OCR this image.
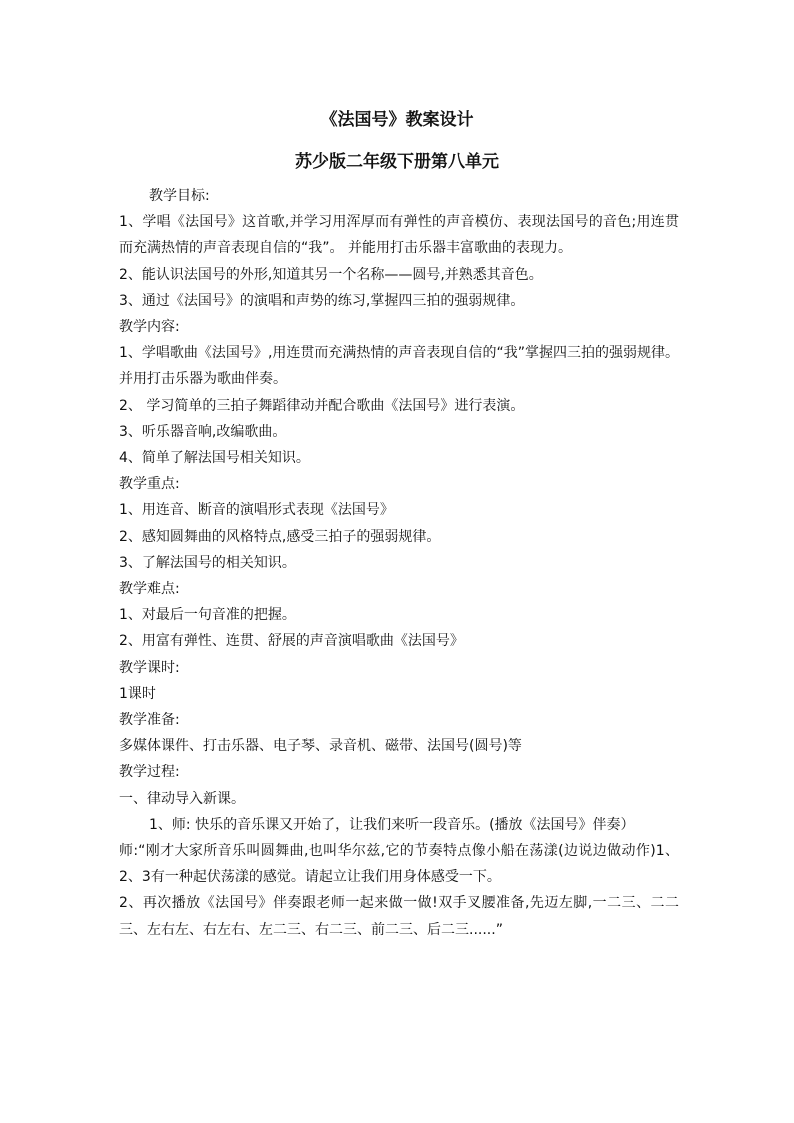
《法国号》教案设计
苏少版二年级下册第八单元

教学目标:

1、学唱《法国号》这首歌,并学习用浑厚而有弹性的声音模仿、表现法国号的音色;用连贯而充满热情的声音表现自信的“我”。 并能用打击乐器丰富歌曲的表现力。

2、能认识法国号的外形,知道其另一个名称——圆号,并熟悉其音色。

3、通过《法国号》的演唱和声势的练习,掌握四三拍的强弱规律。

教学内容:

1、学唱歌曲《法国号》,用连贯而充满热情的声音表现自信的“我”掌握四三拍的强弱规律。并用打击乐器为歌曲伴奏。

2、 学习简单的三拍子舞蹈律动并配合歌曲《法国号》进行表演。

3、听乐器音响,改编歌曲。

4、简单了解法国号相关知识。

教学重点:

1、用连音、断音的演唱形式表现《法国号》

2、感知圆舞曲的风格特点,感受三拍子的强弱规律。

3、了解法国号的相关知识。

教学难点:

1、对最后一句音准的把握。

2、用富有弹性、连贯、舒展的声音演唱歌曲《法国号》

教学课时:

1课时

教学准备:

多媒体课件、打击乐器、电子琴、录音机、磁带、法国号(圆号)等

教学过程:

一、律动导入新课。

1、师: 快乐的音乐课又开始了，让我们来听一段音乐。(播放《法国号》伴奏）

师:“刚才大家所音乐叫圆舞曲,也叫华尔兹,它的节奏特点像小船在荡漾(边说边做动作)1、2、3有一种起伏荡漾的感觉。请起立让我们用身体感受一下。

2、再次播放《法国号》伴奏跟老师一起来做一做!双手叉腰准备,先迈左脚,一二三、二二三、左右左、右左右、左二三、右二三、前二三、后二三......”
